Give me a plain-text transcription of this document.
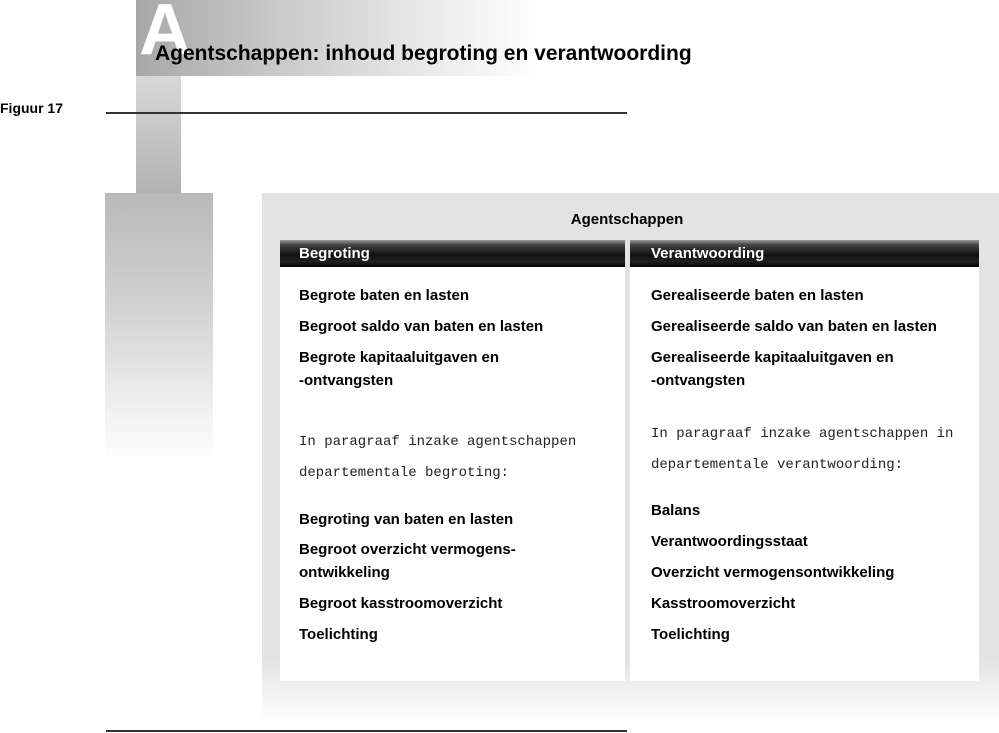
A
Agentschappen: inhoud begroting en verantwoording
Figuur 17
Agentschappen
Begroting
Begrote baten en lasten
Begroot saldo van baten en lasten
Begrote kapitaaluitgaven en
-ontvangsten
In paragraaf inzake agentschappen
departementale begroting:
Begroting van baten en lasten
Begroot overzicht vermogens-
ontwikkeling
Begroot kasstroomoverzicht
Toelichting
Verantwoording
Gerealiseerde baten en lasten
Gerealiseerde saldo van baten en lasten
Gerealiseerde kapitaaluitgaven en
-ontvangsten
In paragraaf inzake agentschappen in
departementale verantwoording:
Balans
Verantwoordingsstaat
Overzicht vermogensontwikkeling
Kasstroomoverzicht
Toelichting
